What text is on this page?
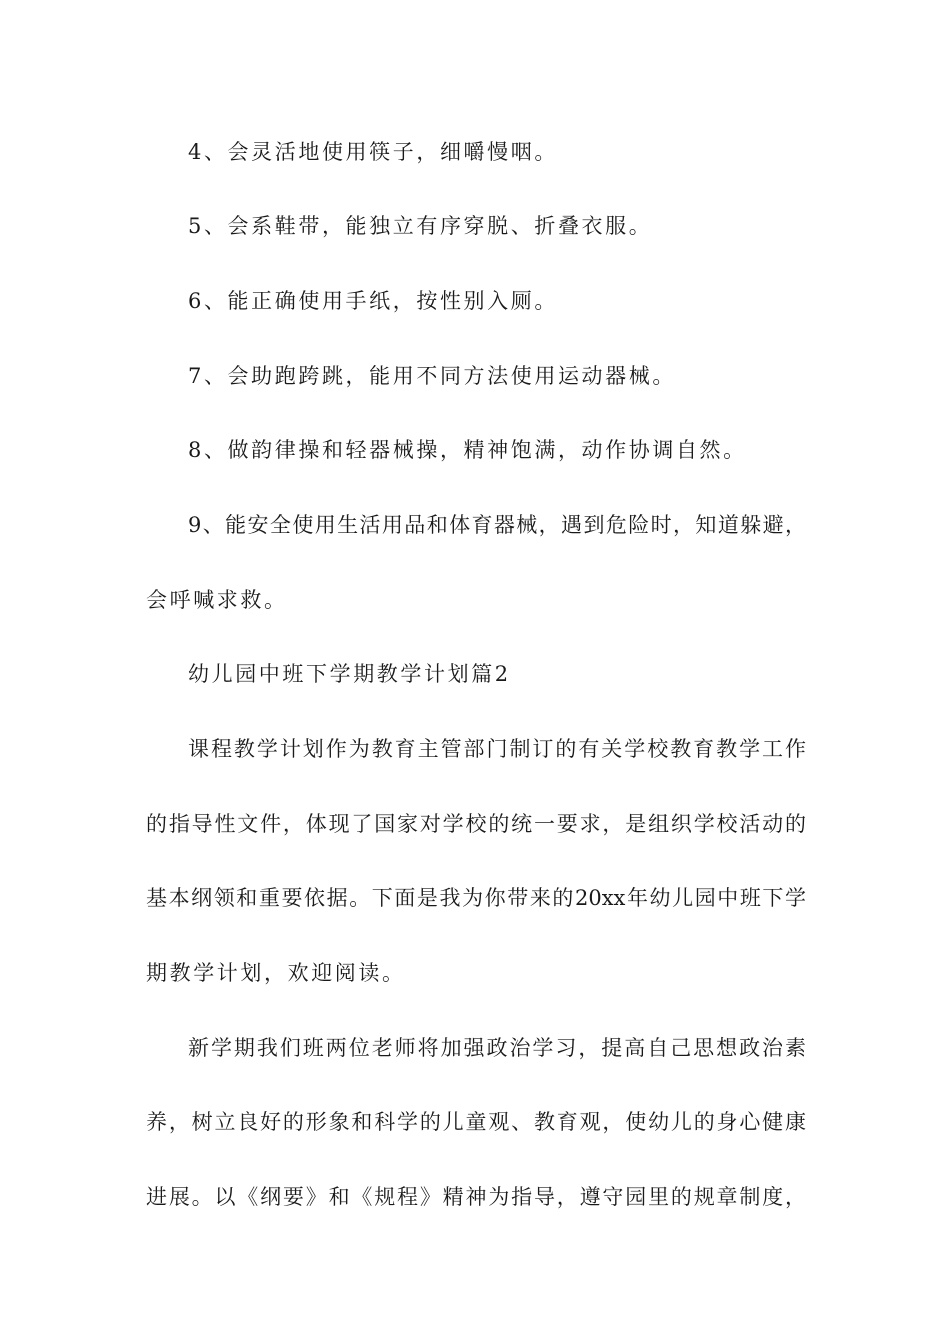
4、会灵活地使用筷子，细嚼慢咽。
5、会系鞋带，能独立有序穿脱、折叠衣服。
6、能正确使用手纸，按性别入厕。
7、会助跑跨跳，能用不同方法使用运动器械。
8、做韵律操和轻器械操，精神饱满，动作协调自然。
9、能安全使用生活用品和体育器械，遇到危险时，知道躲避，
会呼喊求救。
幼儿园中班下学期教学计划篇2
课程教学计划作为教育主管部门制订的有关学校教育教学工作
的指导性文件，体现了国家对学校的统一要求，是组织学校活动的
基本纲领和重要依据。下面是我为你带来的20xx年幼儿园中班下学
期教学计划，欢迎阅读。
新学期我们班两位老师将加强政治学习，提高自己思想政治素
养，树立良好的形象和科学的儿童观、教育观，使幼儿的身心健康
进展。以《纲要》和《规程》精神为指导，遵守园里的规章制度，
